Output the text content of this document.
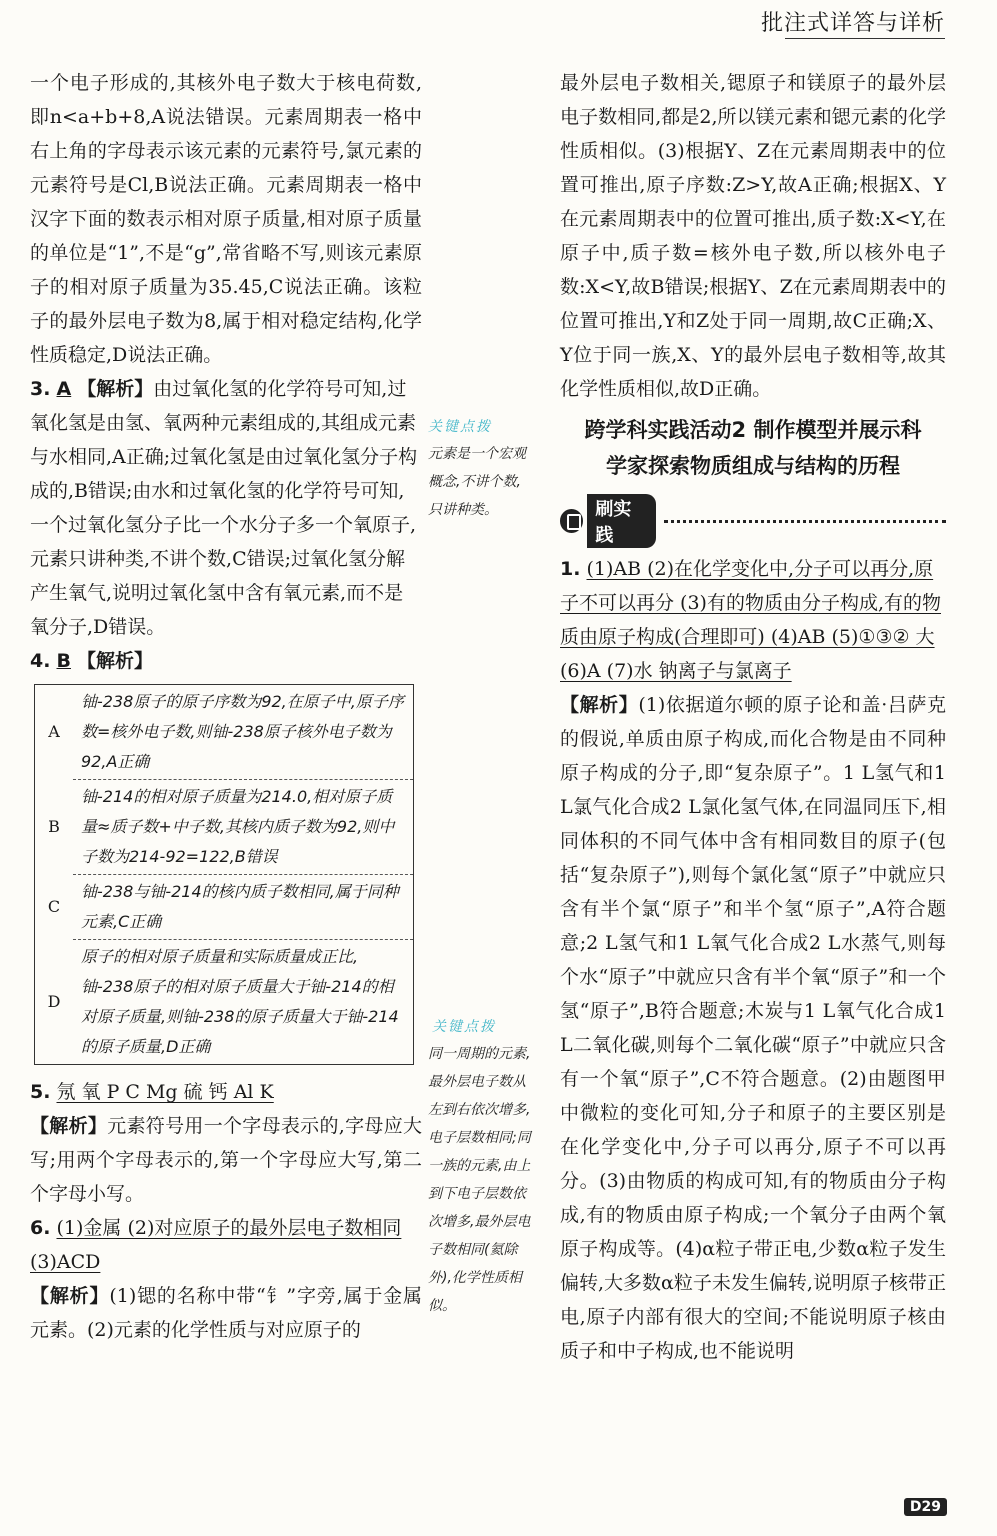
批注式详答与详析

一个电子形成的,其核外电子数大于核电荷数,即n<a+b+8,A说法错误。元素周期表一格中右上角的字母表示该元素的元素符号,氯元素的元素符号是Cl,B说法正确。元素周期表一格中汉字下面的数表示相对原子质量,相对原子质量的单位是“1”,不是“g”,常省略不写,则该元素原子的相对原子质量为35.45,C说法正确。该粒子的最外层电子数为8,属于相对稳定结构,化学性质稳定,D说法正确。

3. A 【解析】由过氧化氢的化学符号可知,过氧化氢是由氢、氧两种元素组成的,其组成元素与水相同,A正确;过氧化氢是由过氧化氢分子构成的,B错误;由水和过氧化氢的化学符号可知,一个过氧化氢分子比一个水分子多一个氧原子,元素只讲种类,不讲个数,C错误;过氧化氢分解产生氧气,说明过氧化氢中含有氧元素,而不是氧分子,D错误。

4. B 【解析】

A	铀-238原子的原子序数为92,在原子中,原子序数=核外电子数,则铀-238原子核外电子数为92,A正确
B	铀-214的相对原子质量为214.0,相对原子质量≈质子数+中子数,其核内质子数为92,则中子数为214-92=122,B错误
C	铀-238与铀-214的核内质子数相同,属于同种元素,C正确
D	原子的相对原子质量和实际质量成正比,铀-238原子的相对原子质量大于铀-214的相对原子质量,则铀-238的原子质量大于铀-214的原子质量,D正确

5. 氖 氧 P C Mg 硫 钙 Al K

【解析】元素符号用一个字母表示的,字母应大写;用两个字母表示的,第一个字母应大写,第二个字母小写。

6. (1)金属 (2)对应原子的最外层电子数相同
(3)ACD

【解析】(1)锶的名称中带“钅”字旁,属于金属元素。(2)元素的化学性质与对应原子的

关键点拨
元素是一个宏观概念,不讲个数,只讲种类。
关键点拨
同一周期的元素,最外层电子数从左到右依次增多,电子层数相同;同一族的元素,由上到下电子层数依次增多,最外层电子数相同(氦除外),化学性质相似。

最外层电子数相关,锶原子和镁原子的最外层电子数相同,都是2,所以镁元素和锶元素的化学性质相似。(3)根据Y、Z在元素周期表中的位置可推出,原子序数:Z>Y,故A正确;根据X、Y在元素周期表中的位置可推出,质子数:X<Y,在原子中,质子数=核外电子数,所以核外电子数:X<Y,故B错误;根据Y、Z在元素周期表中的位置可推出,Y和Z处于同一周期,故C正确;X、Y位于同一族,X、Y的最外层电子数相等,故其化学性质相似,故D正确。

跨学科实践活动2 制作模型并展示科
学家探索物质组成与结构的历程
刷实践

1. (1)AB (2)在化学变化中,分子可以再分,原子不可以再分 (3)有的物质由分子构成,有的物质由原子构成(合理即可) (4)AB (5)①③② 大 (6)A (7)水 钠离子与氯离子

【解析】(1)依据道尔顿的原子论和盖·吕萨克的假说,单质由原子构成,而化合物是由不同种原子构成的分子,即“复杂原子”。1 L氢气和1 L氯气化合成2 L氯化氢气体,在同温同压下,相同体积的不同气体中含有相同数目的原子(包括“复杂原子”),则每个氯化氢“原子”中就应只含有半个氯“原子”和半个氢“原子”,A符合题意;2 L氢气和1 L氧气化合成2 L水蒸气,则每个水“原子”中就应只含有半个氧“原子”和一个氢“原子”,B符合题意;木炭与1 L氧气化合成1 L二氧化碳,则每个二氧化碳“原子”中就应只含有一个氧“原子”,C不符合题意。(2)由题图甲中微粒的变化可知,分子和原子的主要区别是在化学变化中,分子可以再分,原子不可以再分。(3)由物质的构成可知,有的物质由分子构成,有的物质由原子构成;一个氧分子由两个氧原子构成等。(4)α粒子带正电,少数α粒子发生偏转,大多数α粒子未发生偏转,说明原子核带正电,原子内部有很大的空间;不能说明原子核由质子和中子构成,也不能说明

D29
